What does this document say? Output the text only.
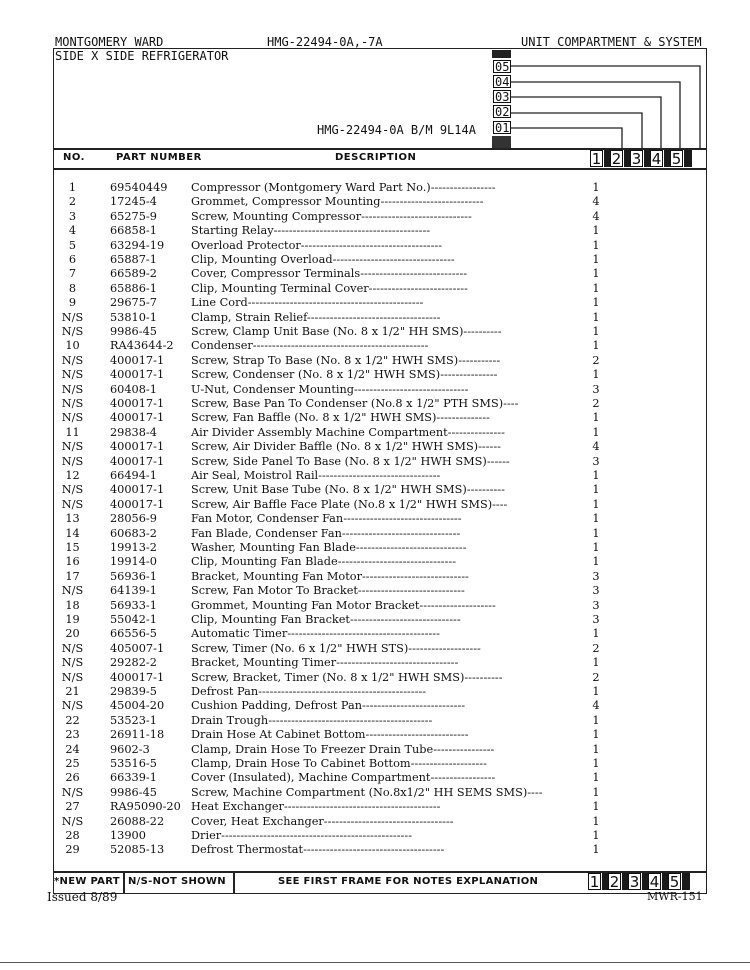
MONTGOMERY WARD	HMG-22494-0A,-7A	UNIT COMPARTMENT & SYSTEM
SIDE X SIDE REFRIGERATOR
05
04
03
02
01
HMG-22494-0A B/M 9L14A
NO.	PART NUMBER	DESCRIPTION	1 2 3 4 5
1	69540449	Compressor (Montgomery Ward Part No.)-----------------	1
2	17245-4	Grommet, Compressor Mounting---------------------------	4
3	65275-9	Screw, Mounting Compressor-----------------------------	4
4	66858-1	Starting Relay-----------------------------------------	1
5	63294-19	Overload Protector-------------------------------------	1
6	65887-1	Clip, Mounting Overload--------------------------------	1
7	66589-2	Cover, Compressor Terminals----------------------------	1
8	65886-1	Clip, Mounting Terminal Cover--------------------------	1
9	29675-7	Line Cord----------------------------------------------	1
N/S	53810-1	Clamp, Strain Relief-----------------------------------	1
N/S	9986-45	Screw, Clamp Unit Base (No. 8 x 1/2" HH SMS)----------	1
10	RA43644-2	Condenser----------------------------------------------	1
N/S	400017-1	Screw, Strap To Base (No. 8 x 1/2" HWH SMS)-----------	2
N/S	400017-1	Screw, Condenser (No. 8 x 1/2" HWH SMS)---------------	1
N/S	60408-1	U-Nut, Condenser Mounting------------------------------	3
N/S	400017-1	Screw, Base Pan To Condenser (No.8 x 1/2" PTH SMS)----	2
N/S	400017-1	Screw, Fan Baffle (No. 8 x 1/2" HWH SMS)--------------	1
11	29838-4	Air Divider Assembly Machine Compartment---------------	1
N/S	400017-1	Screw, Air Divider Baffle (No. 8 x 1/2" HWH SMS)------	4
N/S	400017-1	Screw, Side Panel To Base (No. 8 x 1/2" HWH SMS)------	3
12	66494-1	Air Seal, Moistrol Rail--------------------------------	1
N/S	400017-1	Screw, Unit Base Tube (No. 8 x 1/2" HWH SMS)----------	1
N/S	400017-1	Screw, Air Baffle Face Plate (No.8 x 1/2" HWH SMS)----	1
13	28056-9	Fan Motor, Condenser Fan-------------------------------	1
14	60683-2	Fan Blade, Condenser Fan-------------------------------	1
15	19913-2	Washer, Mounting Fan Blade-----------------------------	1
16	19914-0	Clip, Mounting Fan Blade-------------------------------	1
17	56936-1	Bracket, Mounting Fan Motor----------------------------	3
N/S	64139-1	Screw, Fan Motor To Bracket----------------------------	3
18	56933-1	Grommet, Mounting Fan Motor Bracket--------------------	3
19	55042-1	Clip, Mounting Fan Bracket-----------------------------	3
20	66556-5	Automatic Timer----------------------------------------	1
N/S	405007-1	Screw, Timer (No. 6 x 1/2" HWH STS)-------------------	2
N/S	29282-2	Bracket, Mounting Timer--------------------------------	1
N/S	400017-1	Screw, Bracket, Timer (No. 8 x 1/2" HWH SMS)----------	2
21	29839-5	Defrost Pan--------------------------------------------	1
N/S	45004-20	Cushion Padding, Defrost Pan---------------------------	4
22	53523-1	Drain Trough-------------------------------------------	1
23	26911-18	Drain Hose At Cabinet Bottom---------------------------	1
24	9602-3	Clamp, Drain Hose To Freezer Drain Tube----------------	1
25	53516-5	Clamp, Drain Hose To Cabinet Bottom--------------------	1
26	66339-1	Cover (Insulated), Machine Compartment-----------------	1
N/S	9986-45	Screw, Machine Compartment (No.8x1/2" HH SEMS SMS)----	1
27	RA95090-20 Heat Exchanger-----------------------------------------	1
N/S	26088-22	Cover, Heat Exchanger----------------------------------	1
28	13900	Drier--------------------------------------------------	1
29	52085-13	Defrost Thermostat-------------------------------------	1
*NEW PART N/S-NOT SHOWN	SEE FIRST FRAME FOR NOTES EXPLANATION	1 2 3 4 5
Issued 8/89	MWR-151
